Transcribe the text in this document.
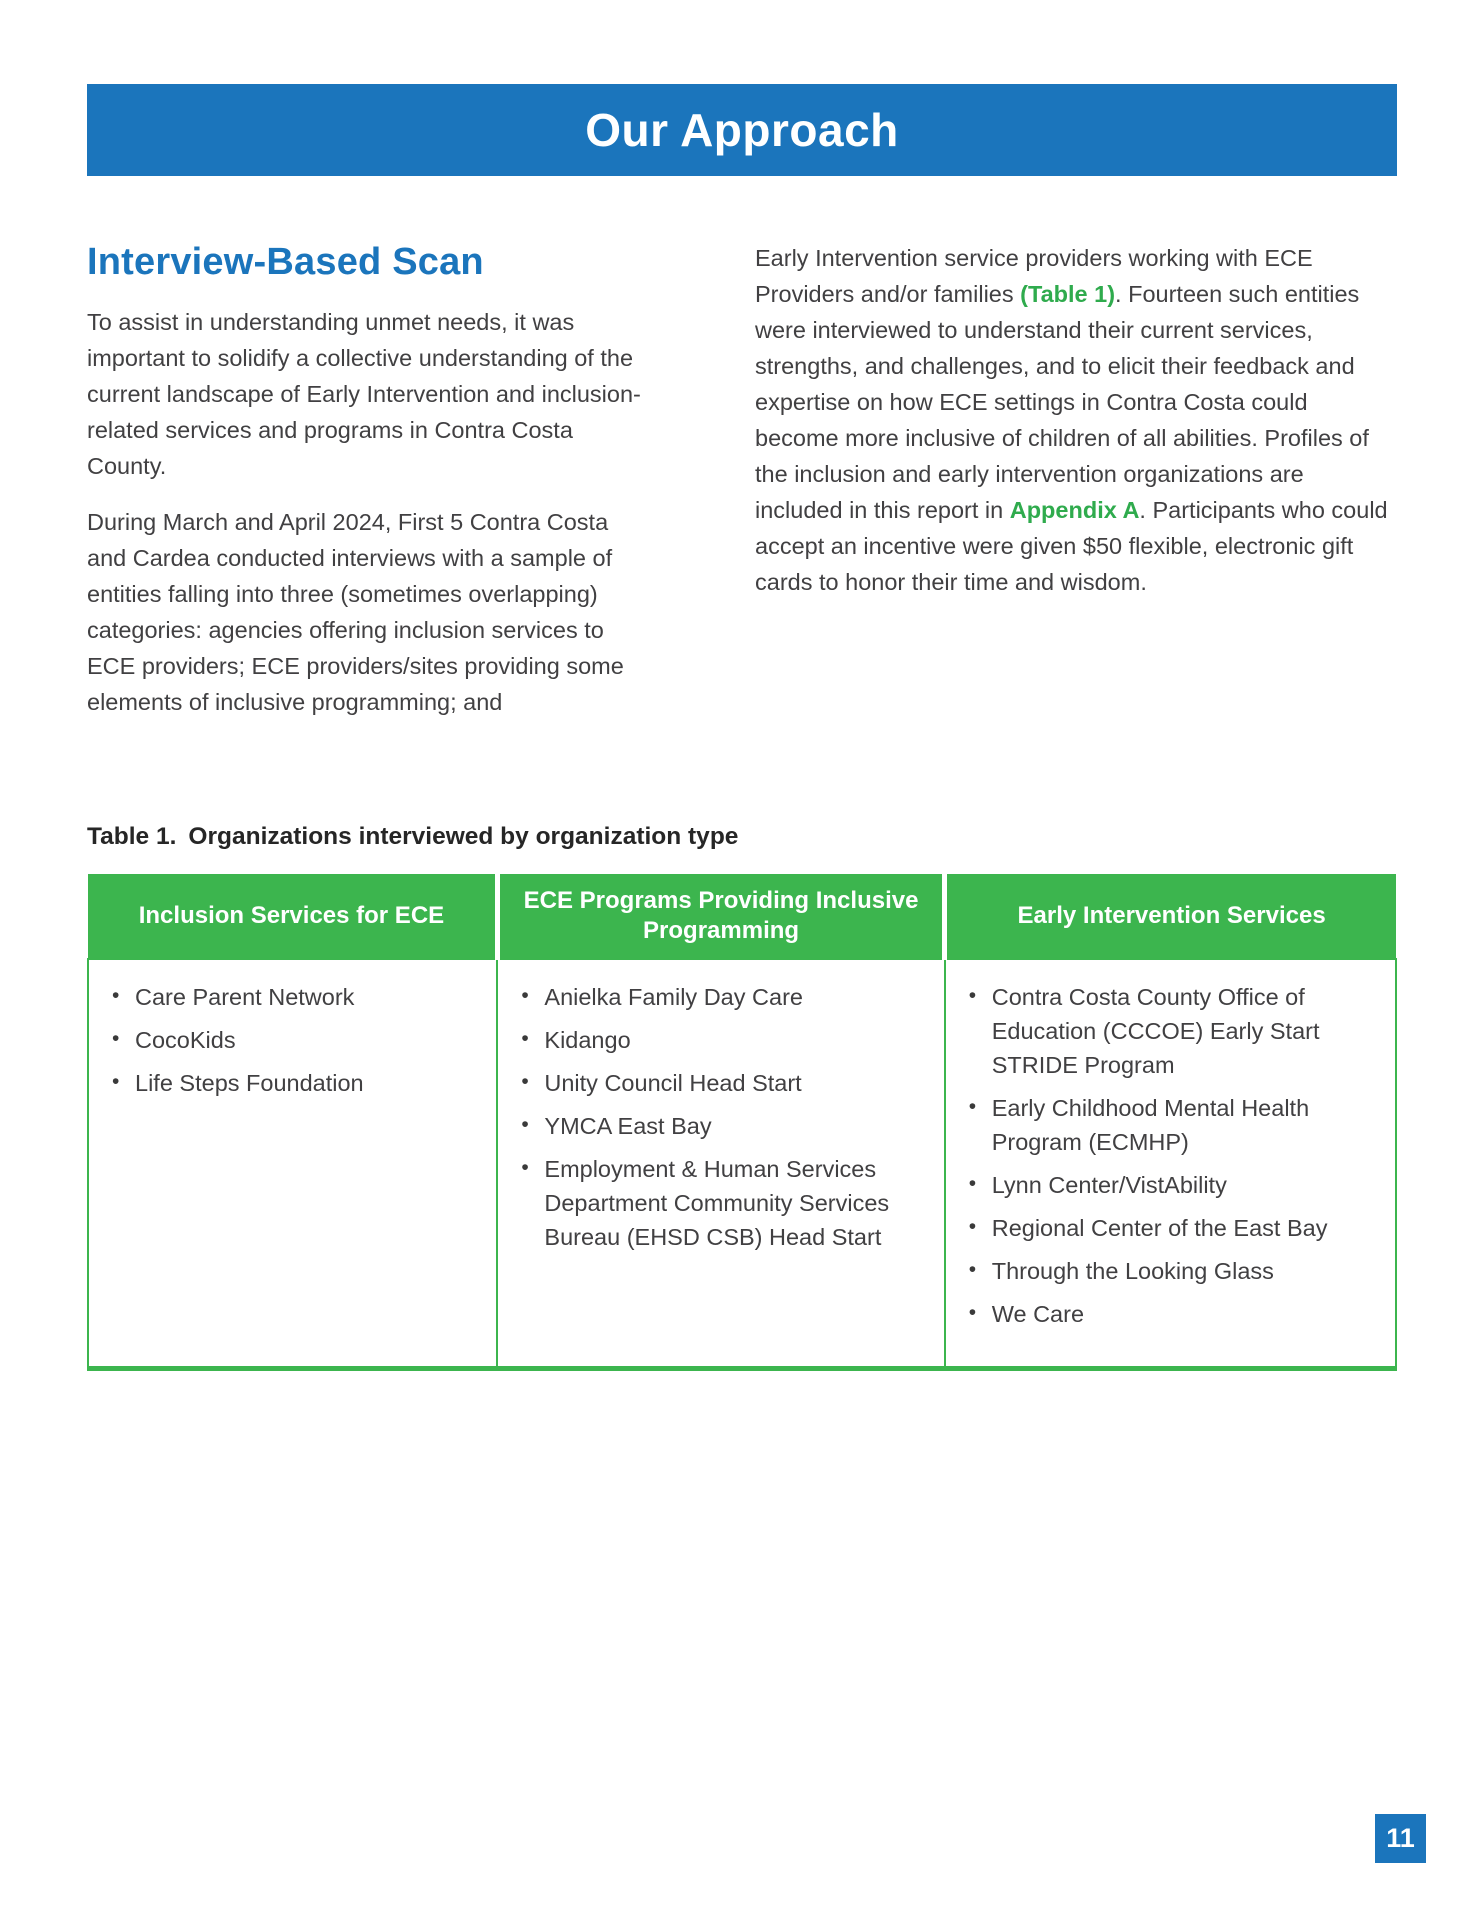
Our Approach
Interview-Based Scan

To assist in understanding unmet needs, it was important to solidify a collective understanding of the current landscape of Early Intervention and inclusion-related services and programs in Contra Costa County.

During March and April 2024, First 5 Contra Costa and Cardea conducted interviews with a sample of entities falling into three (sometimes overlapping) categories: agencies offering inclusion services to ECE providers; ECE providers/sites providing some elements of inclusive programming; and

Early Intervention service providers working with ECE Providers and/or families (Table 1). Fourteen such entities were interviewed to understand their current services, strengths, and challenges, and to elicit their feedback and expertise on how ECE settings in Contra Costa could become more inclusive of children of all abilities. Profiles of the inclusion and early intervention organizations are included in this report in Appendix A. Participants who could accept an incentive were given $50 flexible, electronic gift cards to honor their time and wisdom.

Table 1. Organizations interviewed by organization type

Inclusion Services for ECE	ECE Programs Providing Inclusive Programming	Early Intervention Services

• Care Parent Network
• CocoKids
• Life Steps Foundation

• Anielka Family Day Care
• Kidango
• Unity Council Head Start
• YMCA East Bay
• Employment & Human Services Department Community Services Bureau (EHSD CSB) Head Start

• Contra Costa County Office of Education (CCCOE) Early Start STRIDE Program
• Early Childhood Mental Health Program (ECMHP)
• Lynn Center/VistAbility
• Regional Center of the East Bay
• Through the Looking Glass
• We Care
11
